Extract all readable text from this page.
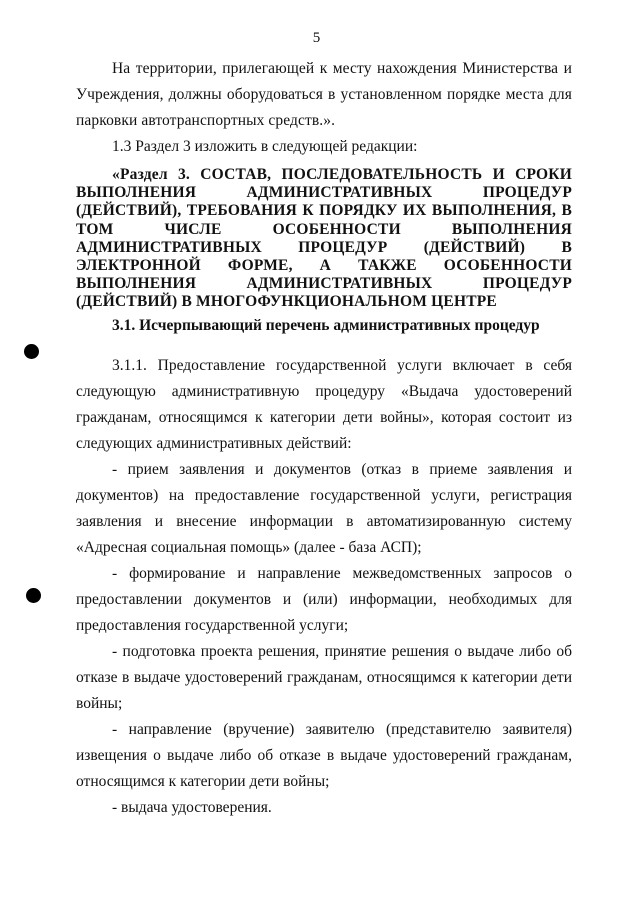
5

На территории, прилегающей к месту нахождения Министерства и Учреждения, должны оборудоваться в установленном порядке места для парковки автотранспортных средств.».

1.3 Раздел 3 изложить в следующей редакции:

«Раздел 3. СОСТАВ, ПОСЛЕДОВАТЕЛЬНОСТЬ И СРОКИ ВЫПОЛНЕНИЯ АДМИНИСТРАТИВНЫХ ПРОЦЕДУР (ДЕЙСТВИЙ), ТРЕБОВАНИЯ К ПОРЯДКУ ИХ ВЫПОЛНЕНИЯ, В ТОМ ЧИСЛЕ ОСОБЕННОСТИ ВЫПОЛНЕНИЯ АДМИНИСТРАТИВНЫХ ПРОЦЕДУР (ДЕЙСТВИЙ) В ЭЛЕКТРОННОЙ ФОРМЕ, А ТАКЖЕ ОСОБЕННОСТИ ВЫПОЛНЕНИЯ АДМИНИСТРАТИВНЫХ ПРОЦЕДУР (ДЕЙСТВИЙ) В МНОГОФУНКЦИОНАЛЬНОМ ЦЕНТРЕ
3.1. Исчерпывающий перечень административных процедур

3.1.1. Предоставление государственной услуги включает в себя следующую административную процедуру «Выдача удостоверений гражданам, относящимся к категории дети войны», которая состоит из следующих административных действий:

- прием заявления и документов (отказ в приеме заявления и документов) на предоставление государственной услуги, регистрация заявления и внесение информации в автоматизированную систему «Адресная социальная помощь» (далее - база АСП);

- формирование и направление межведомственных запросов о предоставлении документов и (или) информации, необходимых для предоставления государственной услуги;

- подготовка проекта решения, принятие решения о выдаче либо об отказе в выдаче удостоверений гражданам, относящимся к категории дети войны;

- направление (вручение) заявителю (представителю заявителя) извещения о выдаче либо об отказе в выдаче удостоверений гражданам, относящимся к категории дети войны;

- выдача удостоверения.
